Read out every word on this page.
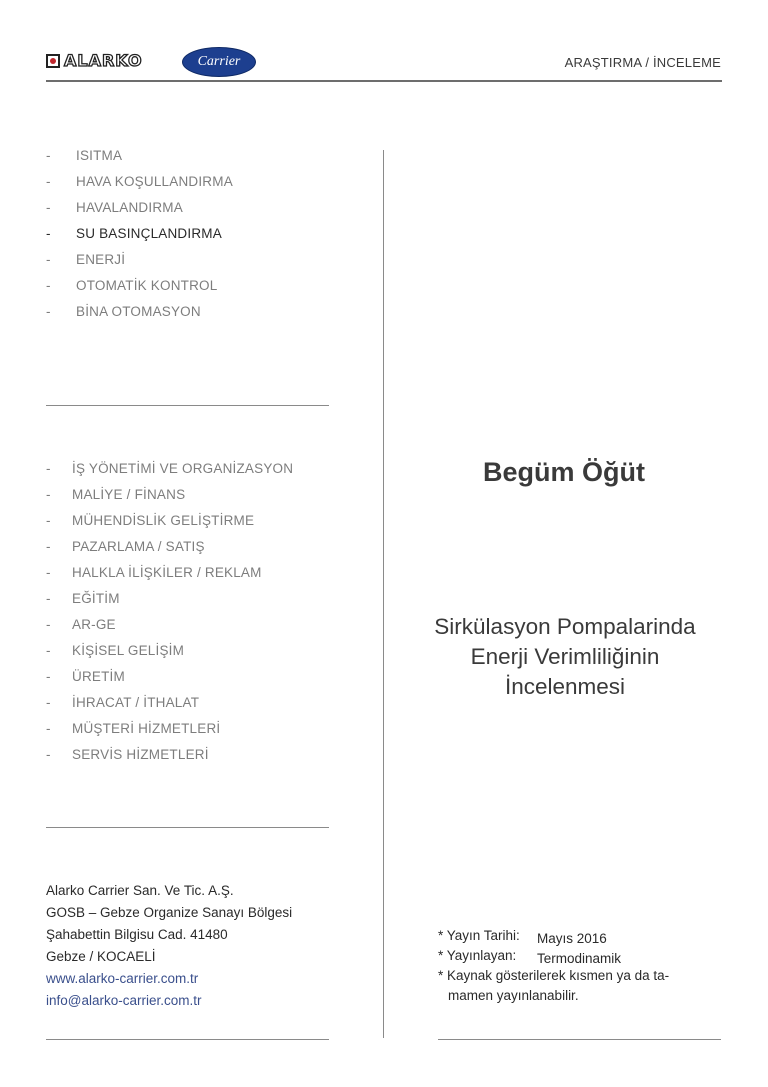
ALARKO	Carrier	ARAŞTIRMA / İNCELEME
- ISITMA
- HAVA KOŞULLANDIRMA
- HAVALANDIRMA
- SU BASINÇLANDIRMA
- ENERJİ
- OTOMATİK KONTROL
- BİNA OTOMASYON
- İŞ YÖNETİMİ VE ORGANİZASYON
- MALİYE / FİNANS
- MÜHENDİSLİK GELİŞTİRME
- PAZARLAMA / SATIŞ
- HALKLA İLİŞKİLER / REKLAM
- EĞİTİM
- AR-GE
- KİŞİSEL GELİŞİM
- ÜRETİM
- İHRACAT / İTHALAT
- MÜŞTERİ HİZMETLERİ
- SERVİS HİZMETLERİ
Alarko Carrier San. Ve Tic. A.Ş.
GOSB – Gebze Organize Sanayı Bölgesi
Şahabettin Bilgisu Cad. 41480
Gebze / KOCAELİ
www.alarko-carrier.com.tr
info@alarko-carrier.com.tr
Begüm Öğüt
Sirkülasyon Pompalarinda
Enerji Verimliliğinin
İncelenmesi
* Yayın Tarihi: Mayıs 2016
* Yayınlayan: Termodinamik
* Kaynak gösterilerek kısmen ya da ta-
mamen yayınlanabilir.
